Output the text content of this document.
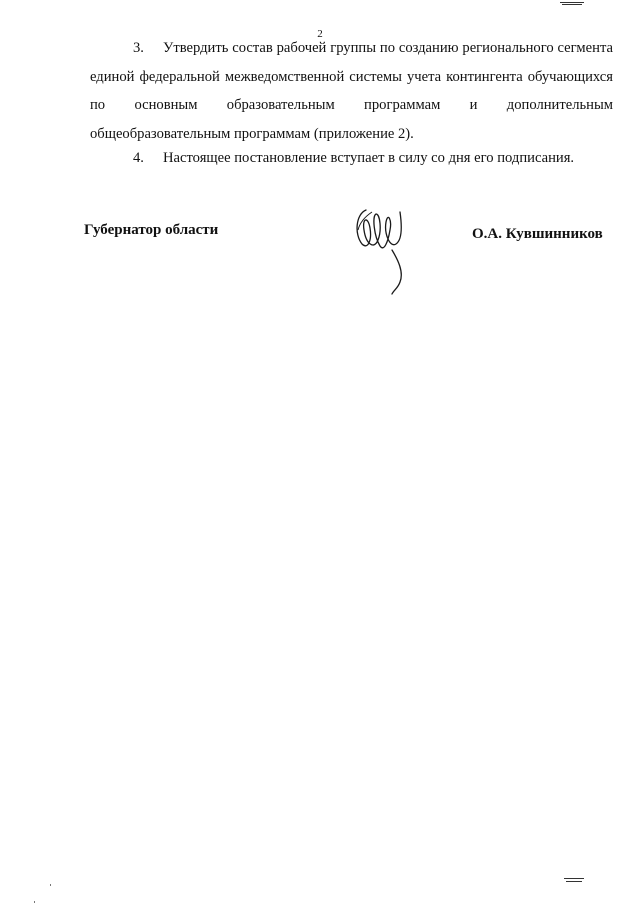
2
3. Утвердить состав рабочей группы по созданию регионального сегмента единой федеральной межведомственной системы учета контингента обучающихся по основным образовательным программам и дополнительным общеобразовательным программам (приложение 2).
4. Настоящее постановление вступает в силу со дня его подписания.
Губернатор области	О.А. Кувшинников
